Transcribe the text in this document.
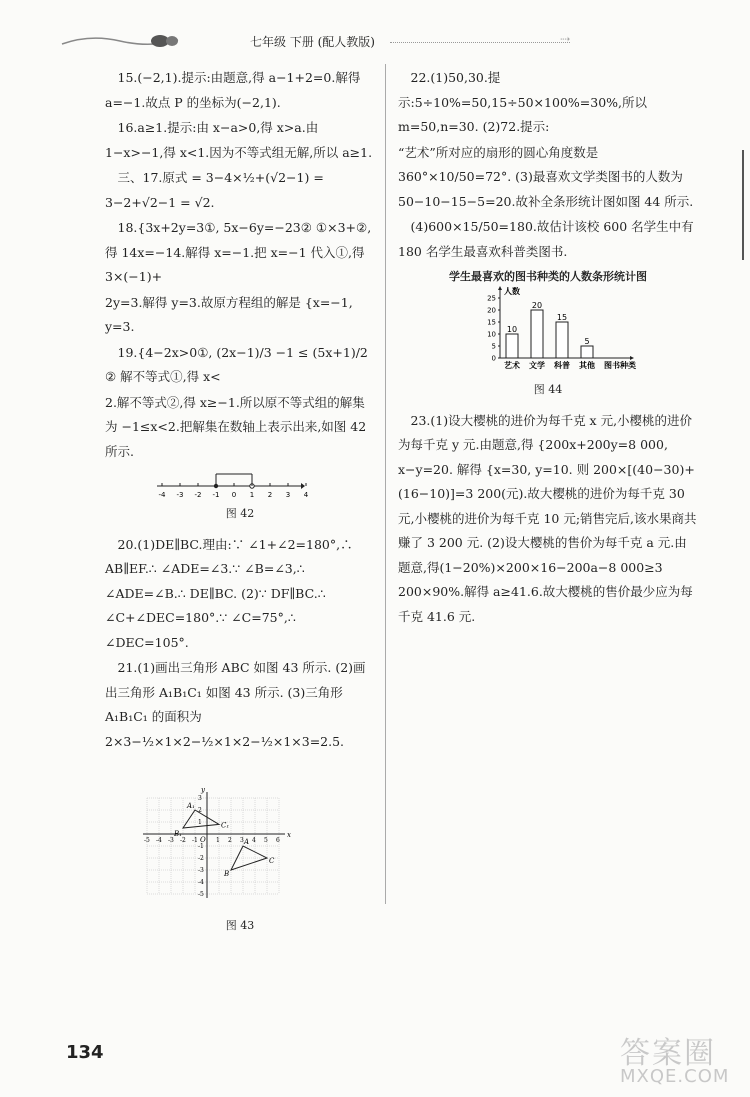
七年级 下册 (配人教版)	⇢

15.(−2,1).提示:由题意,得 a−1+2=0.解得 a=−1.故点 P 的坐标为(−2,1).

16.a≥1.提示:由 x−a>0,得 x>a.由 1−x>−1,得 x<1.因为不等式组无解,所以 a≥1.

三、17.原式 = 3−4×½+(√2−1) = 3−2+√2−1 = √2.

18.{3x+2y=3①, 5x−6y=−23② ①×3+②,得 14x=−14.解得 x=−1.把 x=−1 代入①,得 3×(−1)+

2y=3.解得 y=3.故原方程组的解是 {x=−1, y=3.

19.{4−2x>0①, (2x−1)/3 −1 ≤ (5x+1)/2 ② 解不等式①,得 x<

2.解不等式②,得 x≥−1.所以原不等式组的解集为 −1≤x<2.把解集在数轴上表示出来,如图 42 所示.

-4 -3 -2 -1 0 1 2 3 4
图 42

20.(1)DE∥BC.理由:∵ ∠1+∠2=180°,∴ AB∥EF.∴ ∠ADE=∠3.∵ ∠B=∠3,∴ ∠ADE=∠B.∴ DE∥BC. (2)∵ DF∥BC.∴ ∠C+∠DEC=180°.∵ ∠C=75°,∴ ∠DEC=105°.

21.(1)画出三角形 ABC 如图 43 所示. (2)画出三角形 A₁B₁C₁ 如图 43 所示. (3)三角形 A₁B₁C₁ 的面积为 2×3−½×1×2−½×1×2−½×1×3=2.5.

x
y
O
-5 -4 -3 -2 -1	1 2 3 4 5 6
3
2
1
-1
-2
-3
-4
-5
A₁
B₁
C₁
A
B
C
图 43

22.(1)50,30.提示:5÷10%=50,15÷50×100%=30%,所以 m=50,n=30. (2)72.提示:

“艺术”所对应的扇形的圆心角度数是 360°×10/50=72°. (3)最喜欢文学类图书的人数为 50−10−15−5=20.故补全条形统计图如图 44 所示.

(4)600×15/50=180.故估计该校 600 名学生中有 180 名学生最喜欢科普类图书.

学生最喜欢的图书种类的人数条形统计图
人数
0
5
10
15
20
25
10
艺术
20
文学
15
科普
5
其他 图书种类
图 44

23.(1)设大樱桃的进价为每千克 x 元,小樱桃的进价为每千克 y 元.由题意,得 {200x+200y=8 000, x−y=20. 解得 {x=30, y=10. 则 200×[(40−30)+(16−10)]=3 200(元).故大樱桃的进价为每千克 30 元,小樱桃的进价为每千克 10 元;销售完后,该水果商共赚了 3 200 元. (2)设大樱桃的售价为每千克 a 元.由题意,得(1−20%)×200×16−200a−8 000≥3 200×90%.解得 a≥41.6.故大樱桃的售价最少应为每千克 41.6 元.

134	答案圈
MXQE.COM
